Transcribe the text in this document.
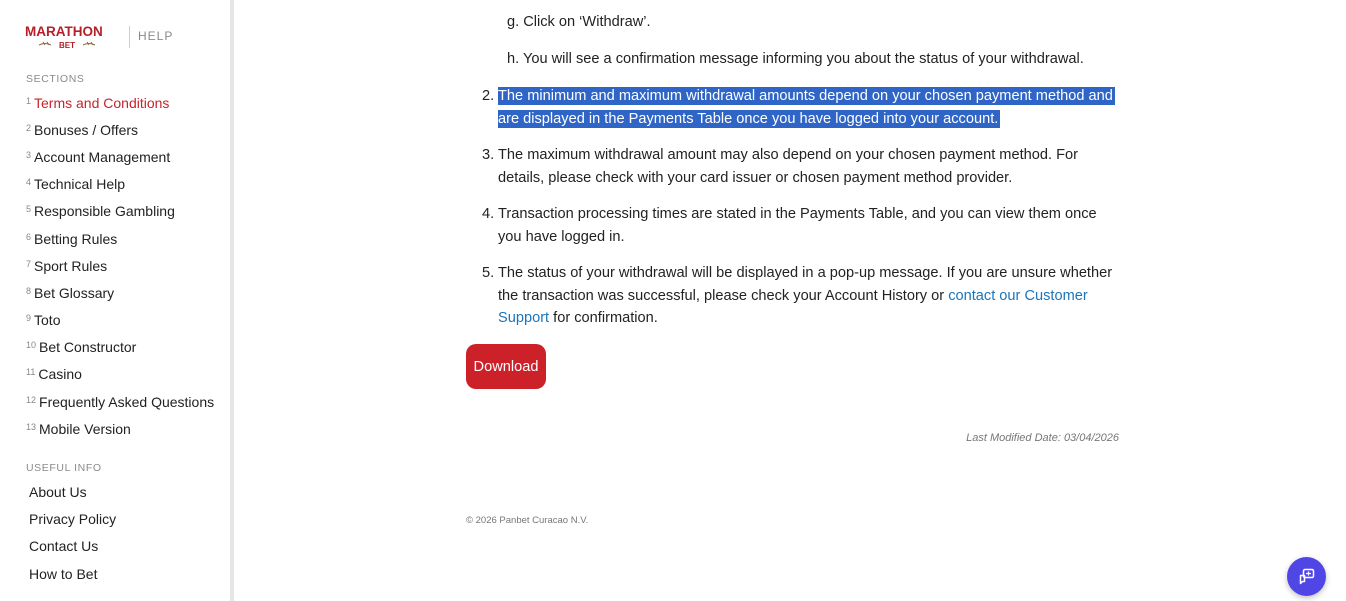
MARATHON
BET
HELP
SECTIONS
1 Terms and Conditions
2 Bonuses / Offers
3 Account Management
4 Technical Help
5 Responsible Gambling
6 Betting Rules
7 Sport Rules
8 Bet Glossary
9 Toto
10 Bet Constructor
11 Casino
12 Frequently Asked Questions
13 Mobile Version
USEFUL INFO
About Us
Privacy Policy
Contact Us
How to Bet
g. Click on ‘Withdraw’.
h. You will see a confirmation message informing you about the status of your withdrawal.
2. The minimum and maximum withdrawal amounts depend on your chosen payment method and are displayed in the Payments Table once you have logged into your account.
3. The maximum withdrawal amount may also depend on your chosen payment method. For details, please check with your card issuer or chosen payment method provider.
4. Transaction processing times are stated in the Payments Table, and you can view them once you have logged in.
5. The status of your withdrawal will be displayed in a pop-up message. If you are unsure whether the transaction was successful, please check your Account History or contact our Customer Support for confirmation.
Download
Last Modified Date: 03/04/2026
© 2026 Panbet Curacao N.V.
